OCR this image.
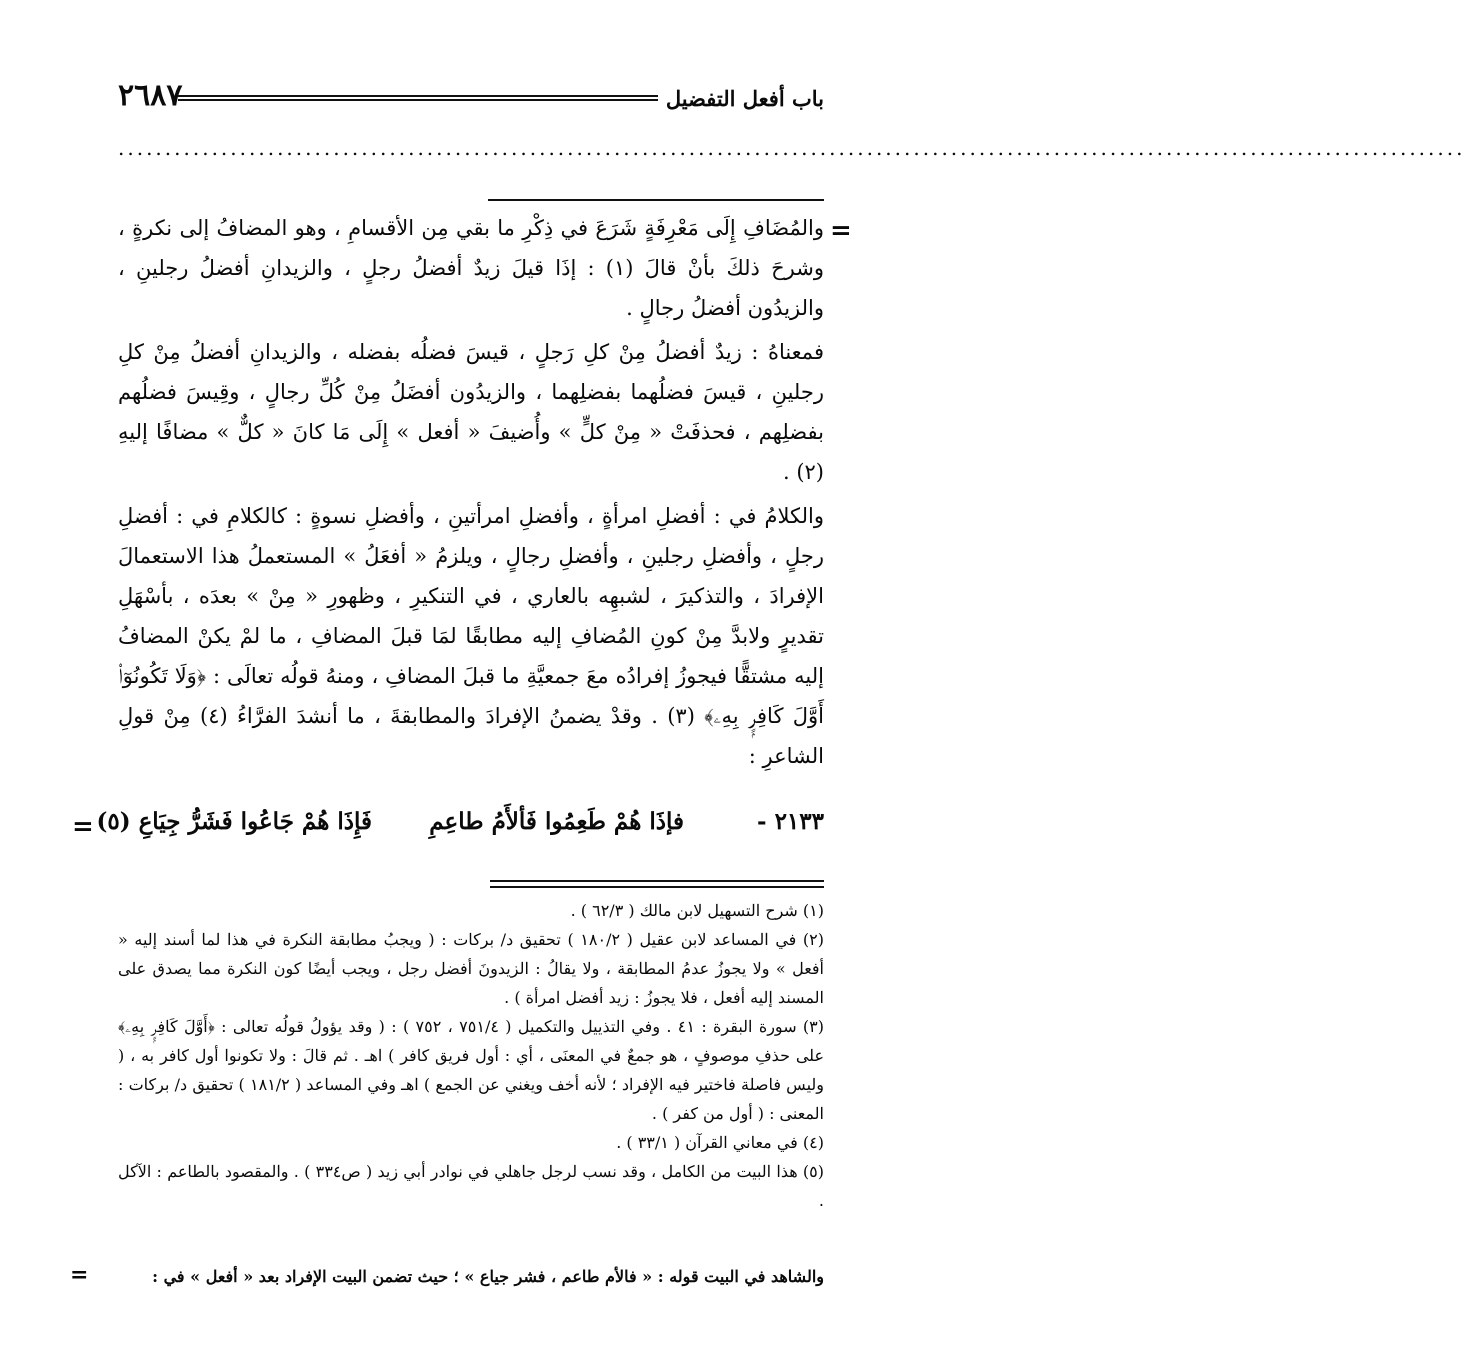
٢٦٨٧	باب أفعل التفضيل
................................................................................................................................................
=

والمُضَافِ إِلَى مَعْرِفَةٍ شَرَعَ في ذِكْرِ ما بقي مِن الأقسامِ ، وهو المضافُ إلى نكرةٍ ، وشرحَ ذلكَ بأنْ قالَ (١) : إذَا قيلَ زيدٌ أفضلُ رجلٍ ، والزيدانِ أفضلُ رجلينِ ، والزيدُون أفضلُ رجالٍ .

فمعناهُ : زيدٌ أفضلُ مِنْ كلِ رَجلٍ ، قيسَ فضلُه بفضله ، والزيدانِ أفضلُ مِنْ كلِ رجلينِ ، قيسَ فضلُهما بفضلِهما ، والزيدُون أفضَلُ مِنْ كُلِّ رجالٍ ، وقِيسَ فضلُهم بفضلِهم ، فحذفَتْ « مِنْ كلٍّ » وأُضيفَ « أفعل » إِلَى مَا كانَ « كلٌّ » مضافًا إليهِ (٢) .

والكلامُ في : أفضلِ امرأةٍ ، وأفضلِ امرأتينِ ، وأفضلِ نسوةٍ : كالكلامِ في : أفضلِ رجلٍ ، وأفضلِ رجلينِ ، وأفضلِ رجالٍ ، ويلزمُ « أفعَلُ » المستعملُ هذا الاستعمالَ الإفرادَ ، والتذكيرَ ، لشبهِه بالعاري ، في التنكيرِ ، وظهورِ « مِنْ » بعدَه ، بأسْهَلِ تقديرٍ ولابدَّ مِنْ كونِ المُضافِ إليه مطابقًا لمَا قبلَ المضافِ ، ما لمْ يكنْ المضافُ إليه مشتقًّا فيجوزُ إفرادُه معَ جمعيَّةِ ما قبلَ المضافِ ، ومنهُ قولُه تعالَى : ﴿وَلَا تَكُونُوٓا۟ أَوَّلَ كَافِرٍۭ بِهِۦ﴾ (٣) . وقدْ يضمنُ الإفرادَ والمطابقةَ ، ما أنشدَ الفرَّاءُ (٤) مِنْ قولِ الشاعرِ :

٢١٣٣ -
فإذَا هُمْ طَعِمُوا فَألأَمُ طاعِمِ
فَإِذَا هُمْ جَاعُوا فَشَرُّ جِيَاعِ (٥)
=

(١) شرح التسهيل لابن مالك ( ٦٢/٣ ) .

(٢) في المساعد لابن عقيل ( ١٨٠/٢ ) تحقيق د/ بركات : ( ويجبُ مطابقة النكرة في هذا لما أسند إليه « أفعل » ولا يجوزُ عدمُ المطابقة ، ولا يقالُ : الزيدونَ أفضل رجل ، ويجب أيضًا كون النكرة مما يصدق على المسند إليه أفعل ، فلا يجوزُ : زيد أفضل امرأة ) .

(٣) سورة البقرة : ٤١ . وفي التذييل والتكميل ( ٧٥١/٤ ، ٧٥٢ ) : ( وقد يؤولُ قولُه تعالى : ﴿أَوَّلَ كَافِرٍۭ بِهِۦ﴾ على حذفِ موصوفٍ ، هو جمعٌ في المعنَى ، أي : أول فريق كافر ) اهـ . ثم قالَ : ولا تكونوا أول كافر به ، ( وليس فاصلة فاختير فيه الإفراد ؛ لأنه أخف ويغني عن الجمع ) اهـ وفي المساعد ( ١٨١/٢ ) تحقيق د/ بركات : المعنى : ( أول من كفر ) .

(٤) في معاني القرآن ( ٣٣/١ ) .

(٥) هذا البيت من الكامل ، وقد نسب لرجل جاهلي في نوادر أبي زيد ( ص٣٣٤ ) . والمقصود بالطاعم : الآكل .

والشاهد في البيت قوله : « فالأم طاعم ، فشر جياع » ؛ حيث تضمن البيت الإفراد بعد « أفعل » في :
=
